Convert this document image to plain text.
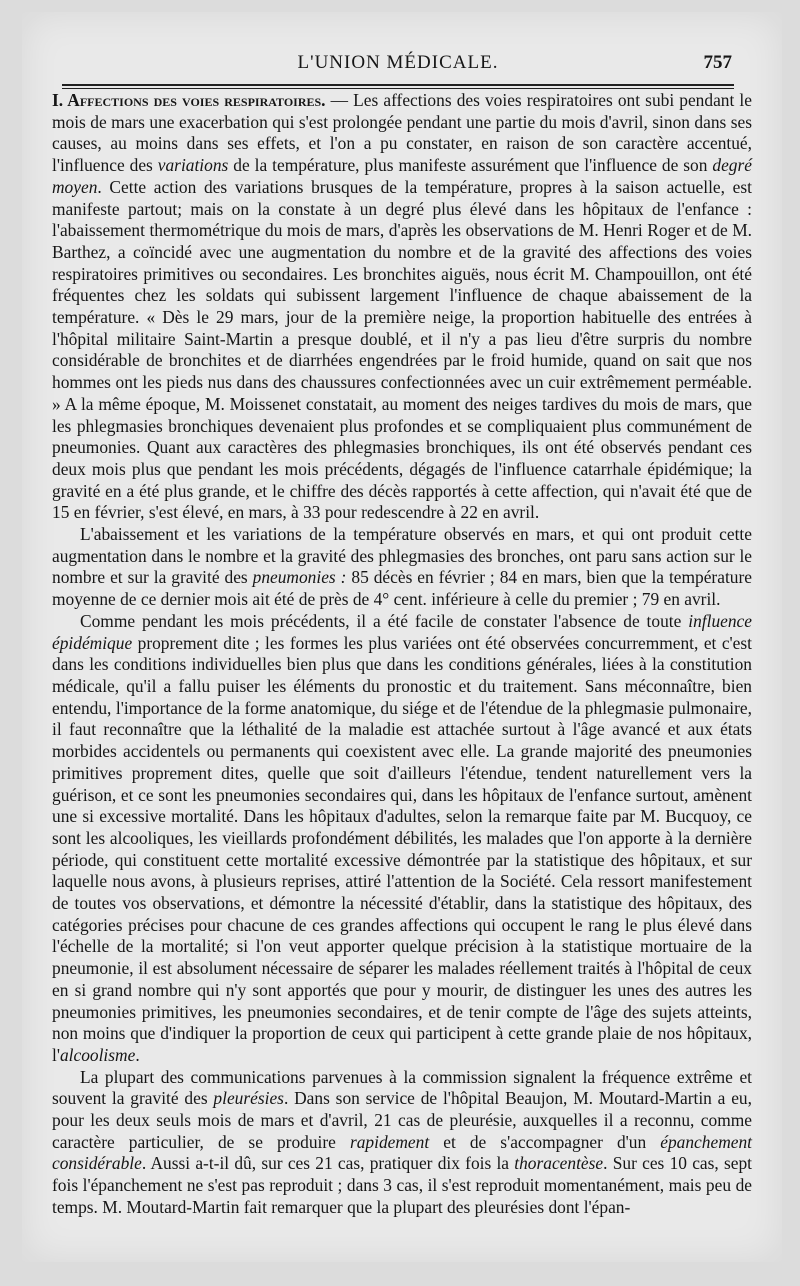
L'UNION MÉDICALE.	757

I. Affections des voies respiratoires. — Les affections des voies respiratoires ont subi pendant le mois de mars une exacerbation qui s'est prolongée pendant une partie du mois d'avril, sinon dans ses causes, au moins dans ses effets, et l'on a pu constater, en raison de son caractère accentué, l'influence des variations de la température, plus manifeste assurément que l'influence de son degré moyen. Cette action des variations brusques de la température, propres à la saison actuelle, est manifeste partout; mais on la constate à un degré plus élevé dans les hôpitaux de l'enfance : l'abaissement thermométrique du mois de mars, d'après les observations de M. Henri Roger et de M. Barthez, a coïncidé avec une augmentation du nombre et de la gravité des affections des voies respiratoires primitives ou secondaires. Les bronchites aiguës, nous écrit M. Champouillon, ont été fréquentes chez les soldats qui subissent largement l'influence de chaque abaissement de la température. « Dès le 29 mars, jour de la première neige, la proportion habituelle des entrées à l'hôpital militaire Saint-Martin a presque doublé, et il n'y a pas lieu d'être surpris du nombre considérable de bronchites et de diarrhées engendrées par le froid humide, quand on sait que nos hommes ont les pieds nus dans des chaussures confectionnées avec un cuir extrêmement perméable. » A la même époque, M. Moissenet constatait, au moment des neiges tardives du mois de mars, que les phlegmasies bronchiques devenaient plus profondes et se compliquaient plus communément de pneumonies. Quant aux caractères des phlegmasies bronchiques, ils ont été observés pendant ces deux mois plus que pendant les mois précédents, dégagés de l'influence catarrhale épidémique; la gravité en a été plus grande, et le chiffre des décès rapportés à cette affection, qui n'avait été que de 15 en février, s'est élevé, en mars, à 33 pour redescendre à 22 en avril.

L'abaissement et les variations de la température observés en mars, et qui ont produit cette augmentation dans le nombre et la gravité des phlegmasies des bronches, ont paru sans action sur le nombre et sur la gravité des pneumonies : 85 décès en février ; 84 en mars, bien que la température moyenne de ce dernier mois ait été de près de 4° cent. inférieure à celle du premier ; 79 en avril.

Comme pendant les mois précédents, il a été facile de constater l'absence de toute influence épidémique proprement dite ; les formes les plus variées ont été observées concurremment, et c'est dans les conditions individuelles bien plus que dans les conditions générales, liées à la constitution médicale, qu'il a fallu puiser les éléments du pronostic et du traitement. Sans méconnaître, bien entendu, l'importance de la forme anatomique, du siége et de l'étendue de la phlegmasie pulmonaire, il faut reconnaître que la léthalité de la maladie est attachée surtout à l'âge avancé et aux états morbides accidentels ou permanents qui coexistent avec elle. La grande majorité des pneumonies primitives proprement dites, quelle que soit d'ailleurs l'étendue, tendent naturellement vers la guérison, et ce sont les pneumonies secondaires qui, dans les hôpitaux de l'enfance surtout, amènent une si excessive mortalité. Dans les hôpitaux d'adultes, selon la remarque faite par M. Bucquoy, ce sont les alcooliques, les vieillards profondément débilités, les malades que l'on apporte à la dernière période, qui constituent cette mortalité excessive démontrée par la statistique des hôpitaux, et sur laquelle nous avons, à plusieurs reprises, attiré l'attention de la Société. Cela ressort manifestement de toutes vos observations, et démontre la nécessité d'établir, dans la statistique des hôpitaux, des catégories précises pour chacune de ces grandes affections qui occupent le rang le plus élevé dans l'échelle de la mortalité; si l'on veut apporter quelque précision à la statistique mortuaire de la pneumonie, il est absolument nécessaire de séparer les malades réellement traités à l'hôpital de ceux en si grand nombre qui n'y sont apportés que pour y mourir, de distinguer les unes des autres les pneumonies primitives, les pneumonies secondaires, et de tenir compte de l'âge des sujets atteints, non moins que d'indiquer la proportion de ceux qui participent à cette grande plaie de nos hôpitaux, l'alcoolisme.

La plupart des communications parvenues à la commission signalent la fréquence extrême et souvent la gravité des pleurésies. Dans son service de l'hôpital Beaujon, M. Moutard-Martin a eu, pour les deux seuls mois de mars et d'avril, 21 cas de pleurésie, auxquelles il a reconnu, comme caractère particulier, de se produire rapidement et de s'accompagner d'un épanchement considérable. Aussi a-t-il dû, sur ces 21 cas, pratiquer dix fois la thoracentèse. Sur ces 10 cas, sept fois l'épanchement ne s'est pas reproduit ; dans 3 cas, il s'est reproduit momentanément, mais peu de temps. M. Moutard-Martin fait remarquer que la plupart des pleurésies dont l'épan-
